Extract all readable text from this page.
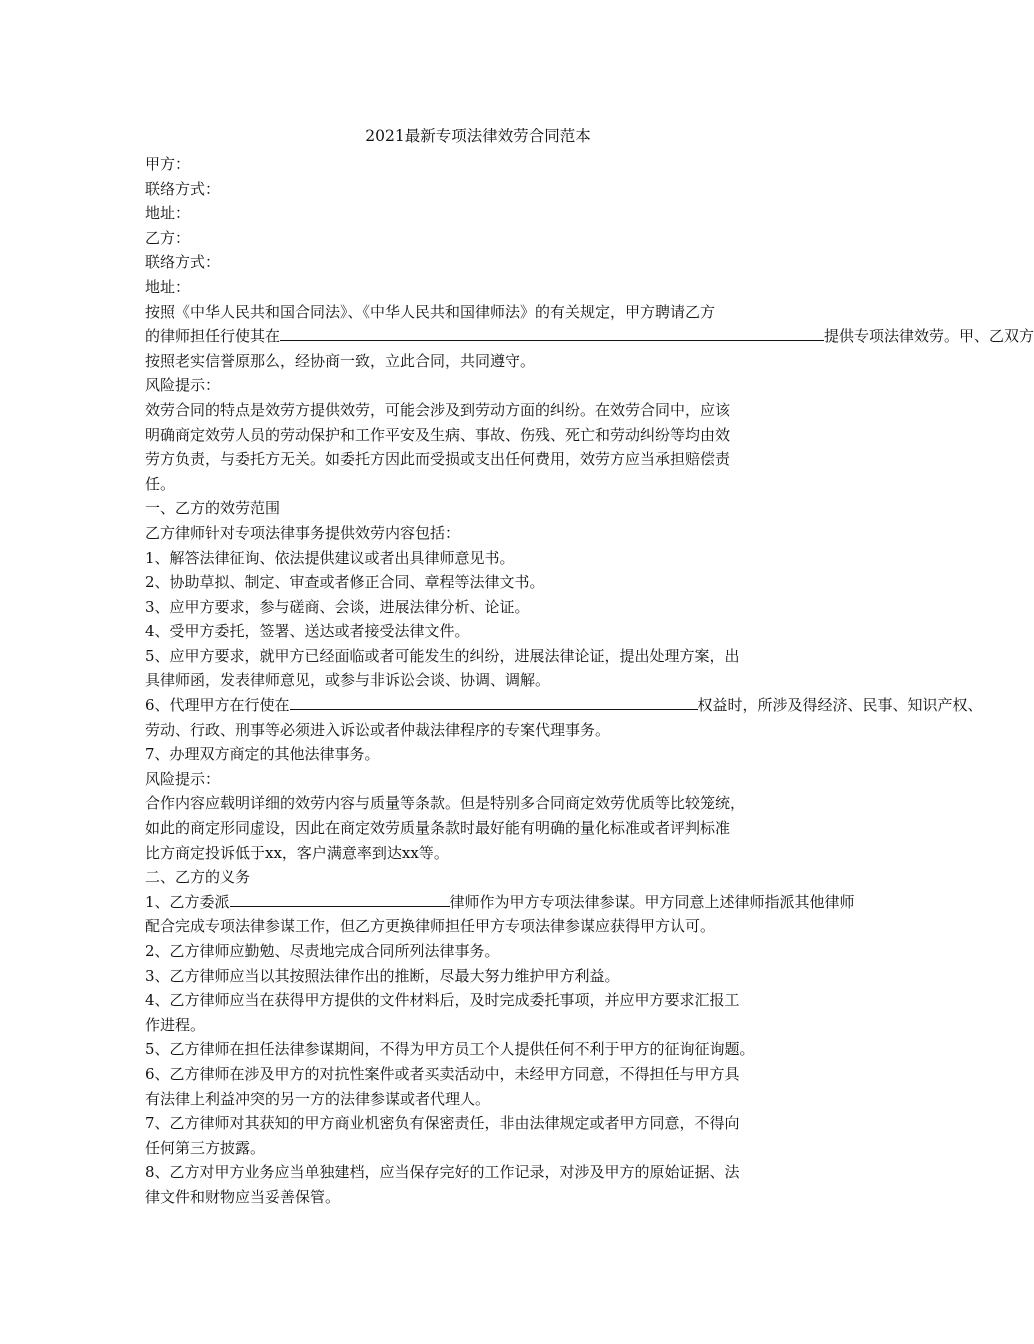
2021最新专项法律效劳合同范本
甲方：
联络方式：
地址：
乙方：
联络方式：
地址：
按照《中华人民共和国合同法》、《中华人民共和国律师法》的有关规定，甲方聘请乙方
的律师担任行使其在	提供专项法律效劳。甲、乙双方
按照老实信誉原那么，经协商一致，立此合同，共同遵守。
风险提示：
效劳合同的特点是效劳方提供效劳，可能会涉及到劳动方面的纠纷。在效劳合同中，应该
明确商定效劳人员的劳动保护和工作平安及生病、事故、伤残、死亡和劳动纠纷等均由效
劳方负责，与委托方无关。如委托方因此而受损或支出任何费用，效劳方应当承担赔偿责
任。
一、乙方的效劳范围
乙方律师针对专项法律事务提供效劳内容包括：
1、解答法律征询、依法提供建议或者出具律师意见书。
2、协助草拟、制定、审查或者修正合同、章程等法律文书。
3、应甲方要求，参与磋商、会谈，进展法律分析、论证。
4、受甲方委托，签署、送达或者接受法律文件。
5、应甲方要求，就甲方已经面临或者可能发生的纠纷，进展法律论证，提出处理方案，出
具律师函，发表律师意见，或参与非诉讼会谈、协调、调解。
6、代理甲方在行使在	权益时，所涉及得经济、民事、知识产权、
劳动、行政、刑事等必须进入诉讼或者仲裁法律程序的专案代理事务。
7、办理双方商定的其他法律事务。
风险提示：
合作内容应载明详细的效劳内容与质量等条款。但是特别多合同商定效劳优质等比较笼统，
如此的商定形同虚设，因此在商定效劳质量条款时最好能有明确的量化标准或者评判标准
比方商定投诉低于xx，客户满意率到达xx等。
二、乙方的义务
1、乙方委派	律师作为甲方专项法律参谋。甲方同意上述律师指派其他律师
配合完成专项法律参谋工作，但乙方更换律师担任甲方专项法律参谋应获得甲方认可。
2、乙方律师应勤勉、尽责地完成合同所列法律事务。
3、乙方律师应当以其按照法律作出的推断，尽最大努力维护甲方利益。
4、乙方律师应当在获得甲方提供的文件材料后，及时完成委托事项，并应甲方要求汇报工
作进程。
5、乙方律师在担任法律参谋期间，不得为甲方员工个人提供任何不利于甲方的征询征询题。
6、乙方律师在涉及甲方的对抗性案件或者买卖活动中，未经甲方同意，不得担任与甲方具
有法律上利益冲突的另一方的法律参谋或者代理人。
7、乙方律师对其获知的甲方商业机密负有保密责任，非由法律规定或者甲方同意，不得向
任何第三方披露。
8、乙方对甲方业务应当单独建档，应当保存完好的工作记录，对涉及甲方的原始证据、法
律文件和财物应当妥善保管。
